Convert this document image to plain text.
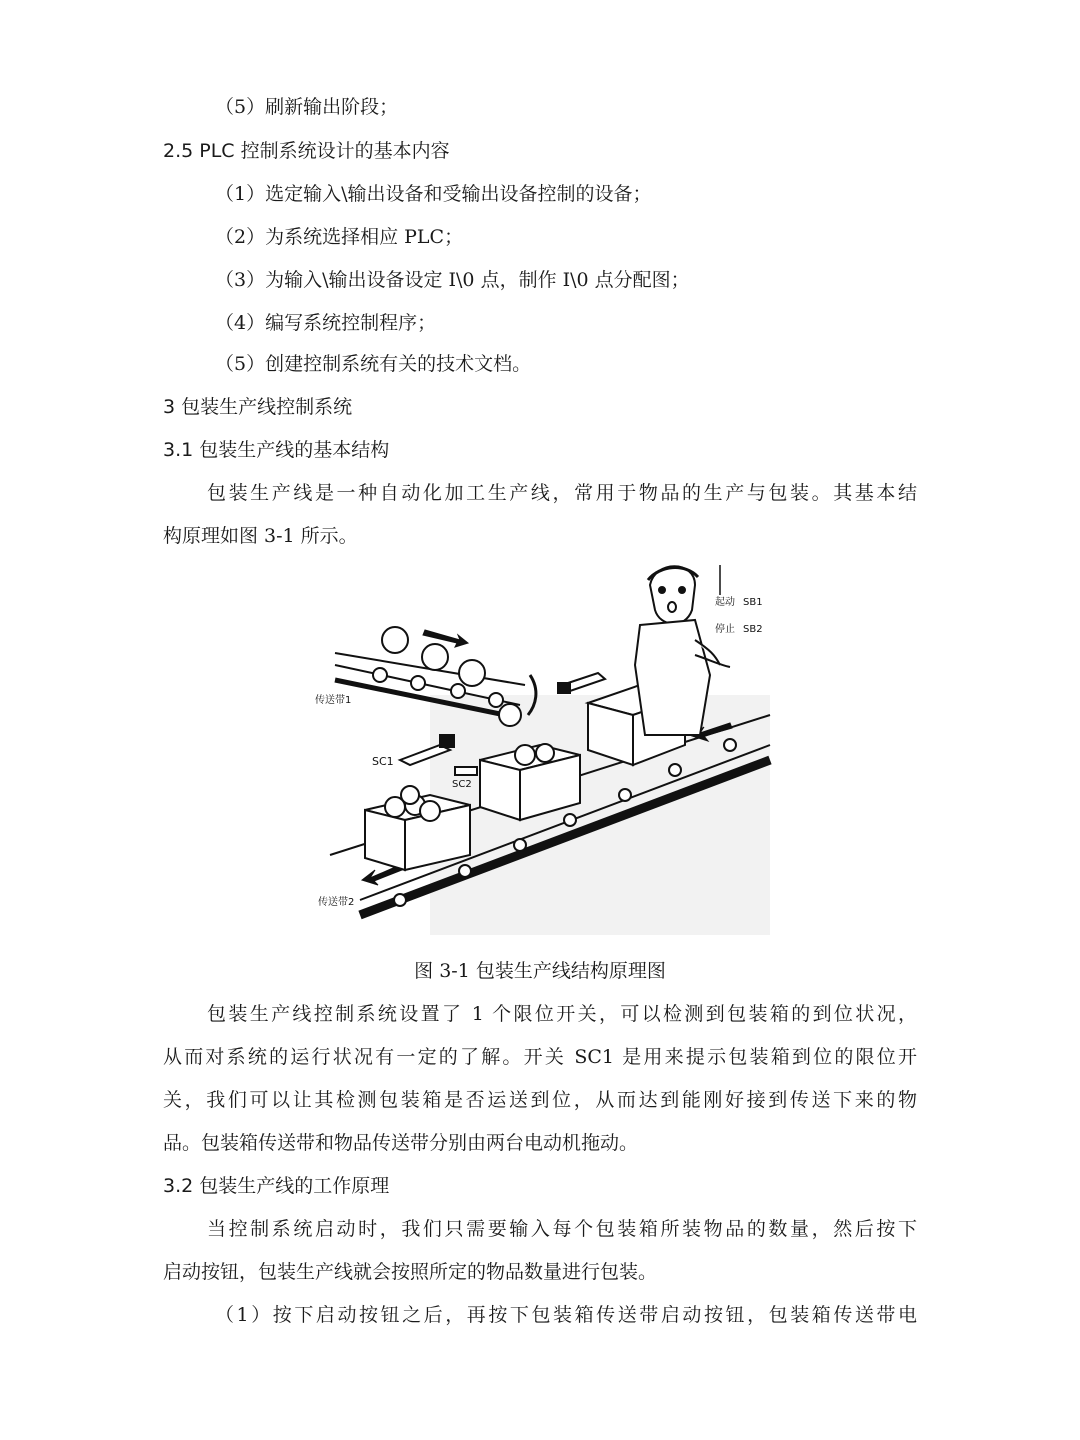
（5）刷新输出阶段；
2.5 PLC 控制系统设计的基本内容
（1）选定输入\输出设备和受输出设备控制的设备；
（2）为系统选择相应 PLC；
（3）为输入\输出设备设定 I\0 点，制作 I\0 点分配图；
（4）编写系统控制程序；
（5）创建控制系统有关的技术文档。
3 包装生产线控制系统
3.1 包装生产线的基本结构
包装生产线是一种自动化加工生产线，常用于物品的生产与包装。其基本结
构原理如图 3-1 所示。
起动 SB1
停止 SB2
传送带1
传送带2
SC1
SC2
图 3-1 包装生产线结构原理图
包装生产线控制系统设置了 1 个限位开关，可以检测到包装箱的到位状况，
从而对系统的运行状况有一定的了解。开关 SC1 是用来提示包装箱到位的限位开
关，我们可以让其检测包装箱是否运送到位，从而达到能刚好接到传送下来的物
品。包装箱传送带和物品传送带分别由两台电动机拖动。
3.2 包装生产线的工作原理
当控制系统启动时，我们只需要输入每个包装箱所装物品的数量，然后按下
启动按钮，包装生产线就会按照所定的物品数量进行包装。
（1）按下启动按钮之后，再按下包装箱传送带启动按钮，包装箱传送带电
